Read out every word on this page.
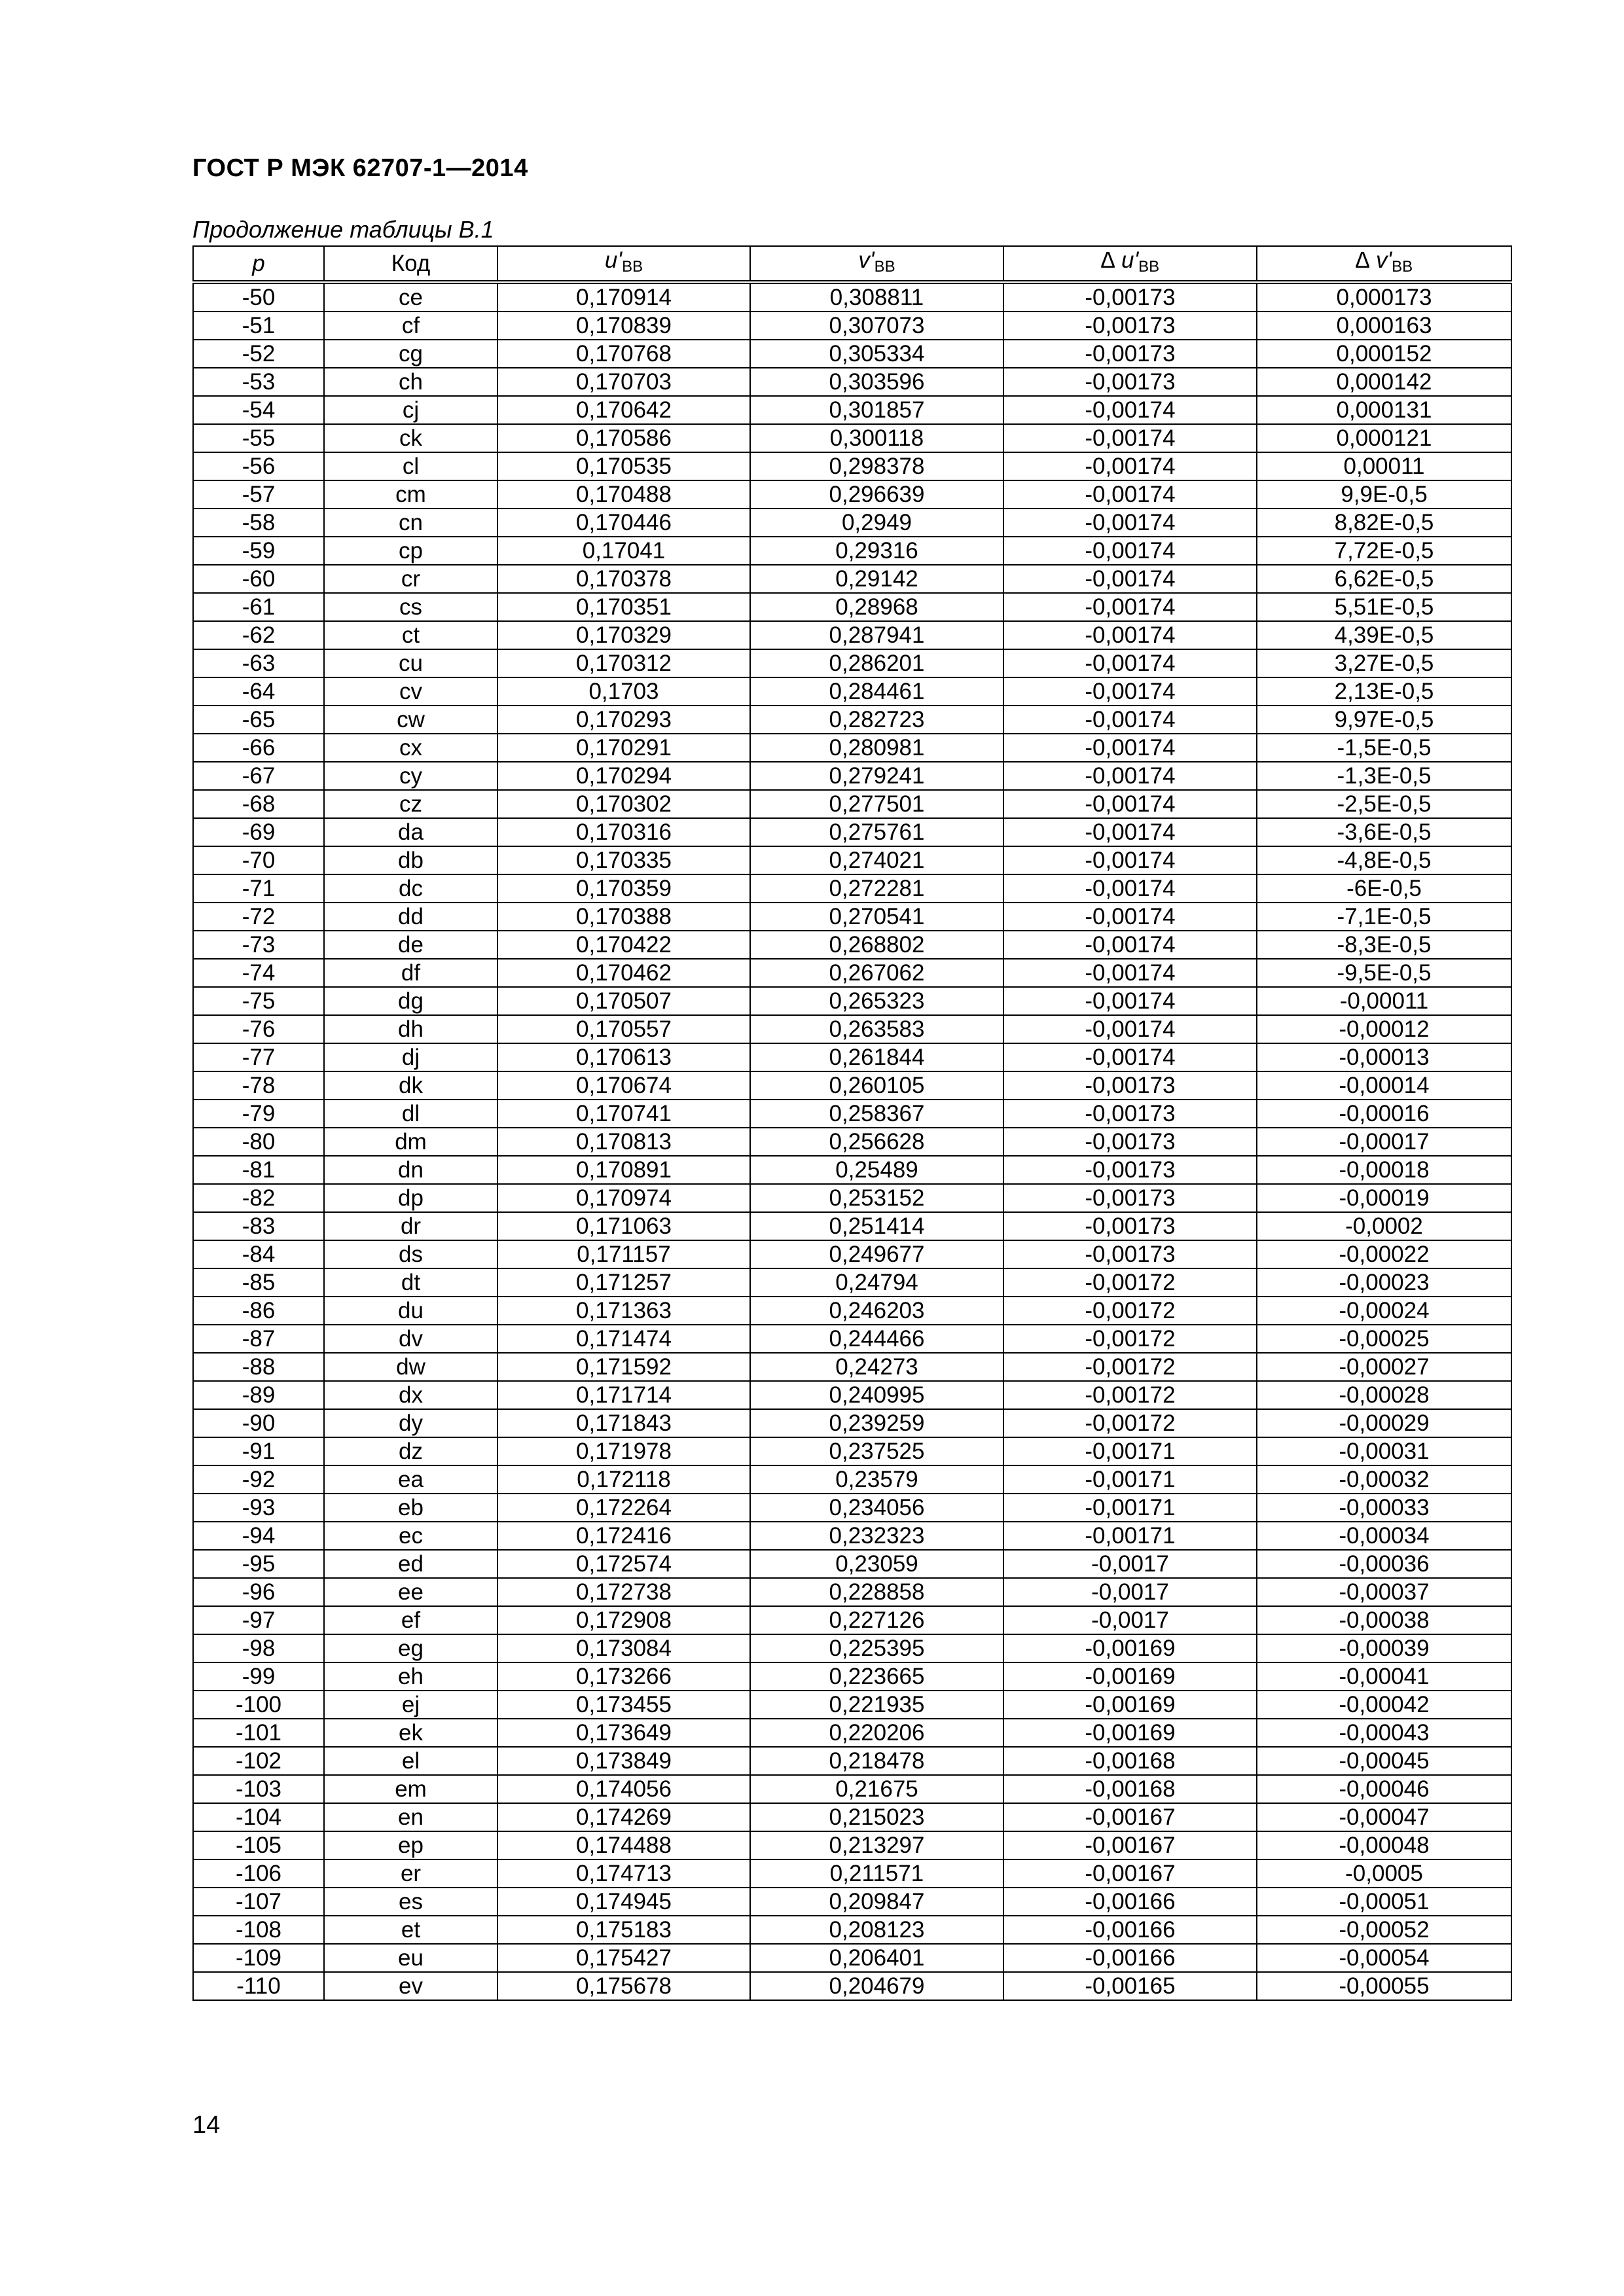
ГОСТ Р МЭК 62707-1—2014
Продолжение таблицы В.1
p	Код	$u'_{BB}$	$v'_{BB}$	∆ $u'_{BB}$	∆ $v'_{BB}$
-50	ce	0,170914	0,308811	-0,00173	0,000173
-51	cf	0,170839	0,307073	-0,00173	0,000163
-52	cg	0,170768	0,305334	-0,00173	0,000152
-53	ch	0,170703	0,303596	-0,00173	0,000142
-54	cj	0,170642	0,301857	-0,00174	0,000131
-55	ck	0,170586	0,300118	-0,00174	0,000121
-56	cl	0,170535	0,298378	-0,00174	0,00011
-57	cm	0,170488	0,296639	-0,00174	9,9E-0,5
-58	cn	0,170446	0,2949	-0,00174	8,82E-0,5
-59	cp	0,17041	0,29316	-0,00174	7,72E-0,5
-60	cr	0,170378	0,29142	-0,00174	6,62E-0,5
-61	cs	0,170351	0,28968	-0,00174	5,51E-0,5
-62	ct	0,170329	0,287941	-0,00174	4,39E-0,5
-63	cu	0,170312	0,286201	-0,00174	3,27E-0,5
-64	cv	0,1703	0,284461	-0,00174	2,13E-0,5
-65	cw	0,170293	0,282723	-0,00174	9,97E-0,5
-66	cx	0,170291	0,280981	-0,00174	-1,5E-0,5
-67	cy	0,170294	0,279241	-0,00174	-1,3E-0,5
-68	cz	0,170302	0,277501	-0,00174	-2,5E-0,5
-69	da	0,170316	0,275761	-0,00174	-3,6E-0,5
-70	db	0,170335	0,274021	-0,00174	-4,8E-0,5
-71	dc	0,170359	0,272281	-0,00174	-6E-0,5
-72	dd	0,170388	0,270541	-0,00174	-7,1E-0,5
-73	de	0,170422	0,268802	-0,00174	-8,3E-0,5
-74	df	0,170462	0,267062	-0,00174	-9,5E-0,5
-75	dg	0,170507	0,265323	-0,00174	-0,00011
-76	dh	0,170557	0,263583	-0,00174	-0,00012
-77	dj	0,170613	0,261844	-0,00174	-0,00013
-78	dk	0,170674	0,260105	-0,00173	-0,00014
-79	dl	0,170741	0,258367	-0,00173	-0,00016
-80	dm	0,170813	0,256628	-0,00173	-0,00017
-81	dn	0,170891	0,25489	-0,00173	-0,00018
-82	dp	0,170974	0,253152	-0,00173	-0,00019
-83	dr	0,171063	0,251414	-0,00173	-0,0002
-84	ds	0,171157	0,249677	-0,00173	-0,00022
-85	dt	0,171257	0,24794	-0,00172	-0,00023
-86	du	0,171363	0,246203	-0,00172	-0,00024
-87	dv	0,171474	0,244466	-0,00172	-0,00025
-88	dw	0,171592	0,24273	-0,00172	-0,00027
-89	dx	0,171714	0,240995	-0,00172	-0,00028
-90	dy	0,171843	0,239259	-0,00172	-0,00029
-91	dz	0,171978	0,237525	-0,00171	-0,00031
-92	ea	0,172118	0,23579	-0,00171	-0,00032
-93	eb	0,172264	0,234056	-0,00171	-0,00033
-94	ec	0,172416	0,232323	-0,00171	-0,00034
-95	ed	0,172574	0,23059	-0,0017	-0,00036
-96	ee	0,172738	0,228858	-0,0017	-0,00037
-97	ef	0,172908	0,227126	-0,0017	-0,00038
-98	eg	0,173084	0,225395	-0,00169	-0,00039
-99	eh	0,173266	0,223665	-0,00169	-0,00041
-100	ej	0,173455	0,221935	-0,00169	-0,00042
-101	ek	0,173649	0,220206	-0,00169	-0,00043
-102	el	0,173849	0,218478	-0,00168	-0,00045
-103	em	0,174056	0,21675	-0,00168	-0,00046
-104	en	0,174269	0,215023	-0,00167	-0,00047
-105	ep	0,174488	0,213297	-0,00167	-0,00048
-106	er	0,174713	0,211571	-0,00167	-0,0005
-107	es	0,174945	0,209847	-0,00166	-0,00051
-108	et	0,175183	0,208123	-0,00166	-0,00052
-109	eu	0,175427	0,206401	-0,00166	-0,00054
-110	ev	0,175678	0,204679	-0,00165	-0,00055
14
